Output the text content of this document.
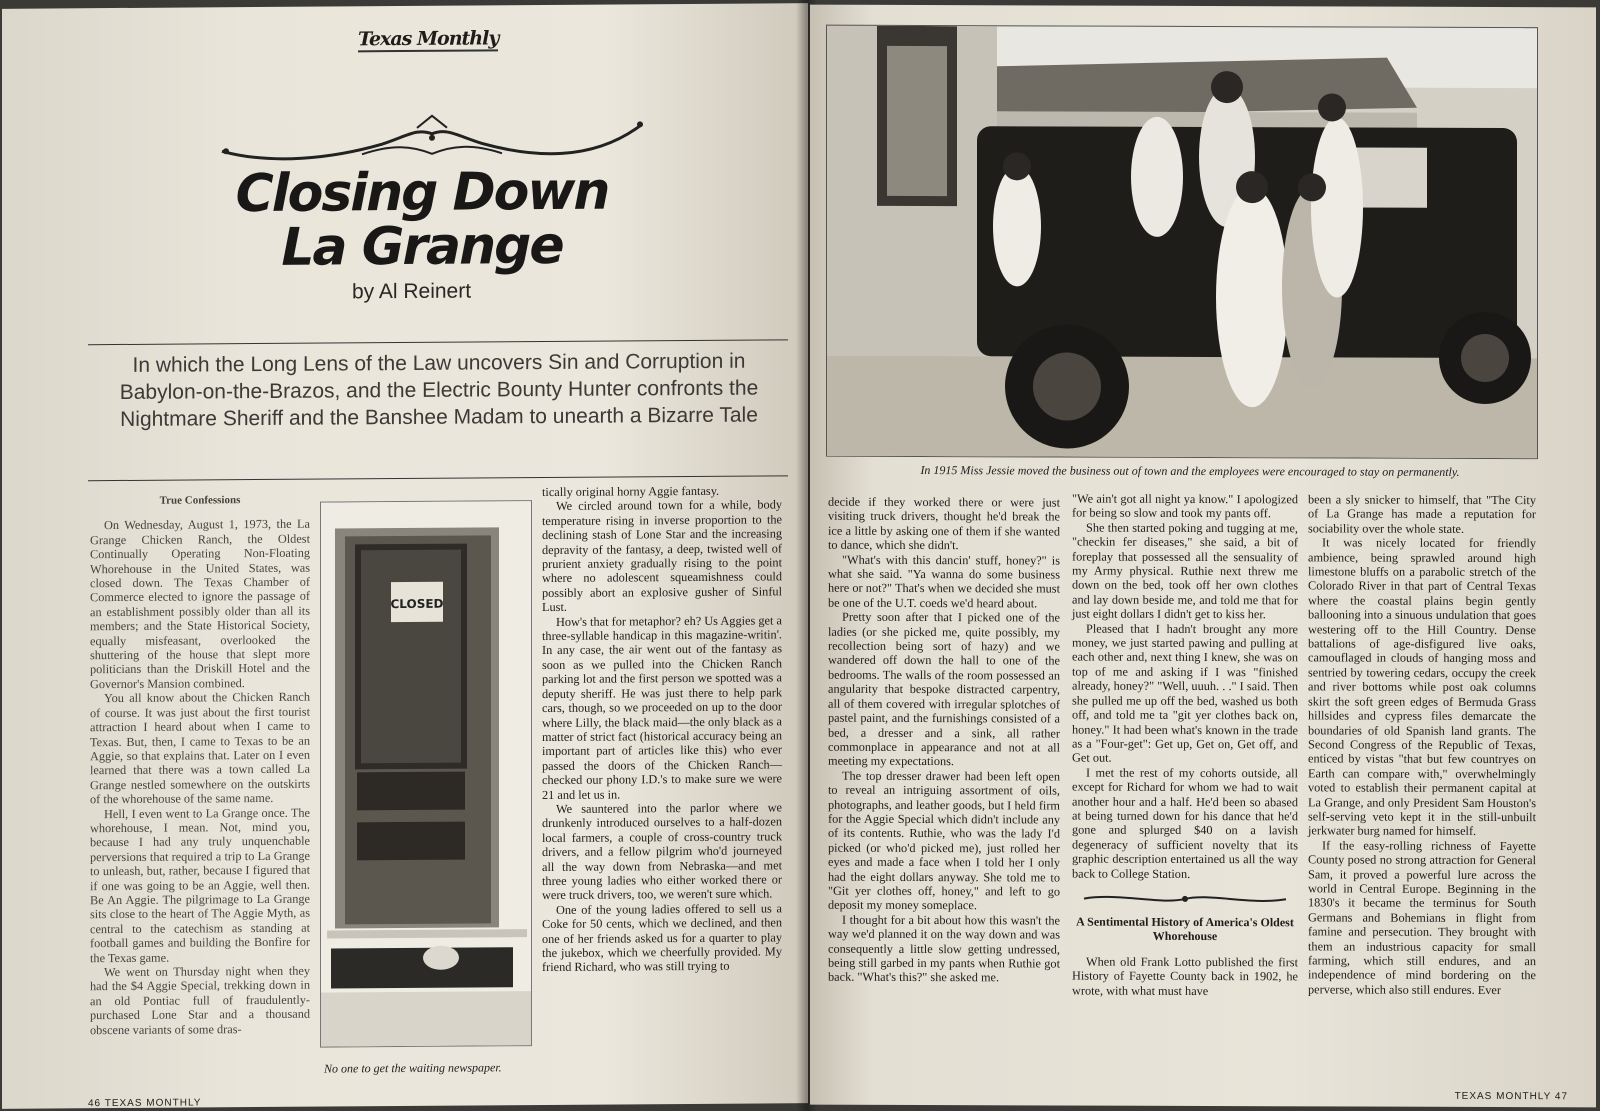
Texas Monthly
Closing Down
La Grange
by Al Reinert
In which the Long Lens of the Law uncovers Sin and Corruption in Babylon-on-the-Brazos, and the Electric Bounty Hunter confronts the Nightmare Sheriff and the Banshee Madam to unearth a Bizarre Tale
True Confessions

On Wednesday, August 1, 1973, the La Grange Chicken Ranch, the Oldest Continually Operating Non-Floating Whorehouse in the United States, was closed down. The Texas Chamber of Commerce elected to ignore the passage of an establishment possibly older than all its members; and the State Historical Society, equally misfeasant, overlooked the shuttering of the house that slept more politicians than the Driskill Hotel and the Governor's Mansion combined.

You all know about the Chicken Ranch of course. It was just about the first tourist attraction I heard about when I came to Texas. But, then, I came to Texas to be an Aggie, so that explains that. Later on I even learned that there was a town called La Grange nestled somewhere on the outskirts of the whorehouse of the same name.

Hell, I even went to La Grange once. The whorehouse, I mean. Not, mind you, because I had any truly unquenchable perversions that required a trip to La Grange to unleash, but, rather, because I figured that if one was going to be an Aggie, well then. Be An Aggie. The pilgrimage to La Grange sits close to the heart of The Aggie Myth, as central to the catechism as standing at football games and building the Bonfire for the Texas game.

We went on Thursday night when they had the $4 Aggie Special, trekking down in an old Pontiac full of fraudulently-purchased Lone Star and a thousand obscene variants of some dras-

CLOSED
No one to get the waiting newspaper.

tically original horny Aggie fantasy.

We circled around town for a while, body temperature rising in inverse proportion to the declining stash of Lone Star and the increasing depravity of the fantasy, a deep, twisted well of prurient anxiety gradually rising to the point where no adolescent squeamishness could possibly abort an explosive gusher of Sinful Lust.

How's that for metaphor? eh? Us Aggies get a three-syllable handicap in this magazine-writin'. In any case, the air went out of the fantasy as soon as we pulled into the Chicken Ranch parking lot and the first person we spotted was a deputy sheriff. He was just there to help park cars, though, so we proceeded on up to the door where Lilly, the black maid—the only black as a matter of strict fact (historical accuracy being an important part of articles like this) who ever passed the doors of the Chicken Ranch—checked our phony I.D.'s to make sure we were 21 and let us in.

We sauntered into the parlor where we drunkenly introduced ourselves to a half-dozen local farmers, a couple of cross-country truck drivers, and a fellow pilgrim who'd journeyed all the way down from Nebraska—and met three young ladies who either worked there or were truck drivers, too, we weren't sure which.

One of the young ladies offered to sell us a Coke for 50 cents, which we declined, and then one of her friends asked us for a quarter to play the jukebox, which we cheerfully provided. My friend Richard, who was still trying to

46 TEXAS MONTHLY
In 1915 Miss Jessie moved the business out of town and the employees were encouraged to stay on permanently.

decide if they worked there or were just visiting truck drivers, thought he'd break the ice a little by asking one of them if she wanted to dance, which she didn't.

"What's with this dancin' stuff, honey?" is what she said. "Ya wanna do some business here or not?" That's when we decided she must be one of the U.T. coeds we'd heard about.

Pretty soon after that I picked one of the ladies (or she picked me, quite possibly, my recollection being sort of hazy) and we wandered off down the hall to one of the bedrooms. The walls of the room possessed an angularity that bespoke distracted carpentry, all of them covered with irregular splotches of pastel paint, and the furnishings consisted of a bed, a dresser and a sink, all rather commonplace in appearance and not at all meeting my expectations.

The top dresser drawer had been left open to reveal an intriguing assortment of oils, photographs, and leather goods, but I held firm for the Aggie Special which didn't include any of its contents. Ruthie, who was the lady I'd picked (or who'd picked me), just rolled her eyes and made a face when I told her I only had the eight dollars anyway. She told me to "Git yer clothes off, honey," and left to go deposit my money someplace.

I thought for a bit about how this wasn't the way we'd planned it on the way down and was consequently a little slow getting undressed, being still garbed in my pants when Ruthie got back. "What's this?" she asked me.

"We ain't got all night ya know." I apologized for being so slow and took my pants off.

She then started poking and tugging at me, "checkin fer diseases," she said, a bit of foreplay that possessed all the sensuality of my Army physical. Ruthie next threw me down on the bed, took off her own clothes and lay down beside me, and told me that for just eight dollars I didn't get to kiss her.

Pleased that I hadn't brought any more money, we just started pawing and pulling at each other and, next thing I knew, she was on top of me and asking if I was "finished already, honey?" "Well, uuuh. . ." I said. Then she pulled me up off the bed, washed us both off, and told me ta "git yer clothes back on, honey." It had been what's known in the trade as a "Four-get": Get up, Get on, Get off, and Get out.

I met the rest of my cohorts outside, all except for Richard for whom we had to wait another hour and a half. He'd been so abased at being turned down for his dance that he'd gone and splurged $40 on a lavish degeneracy of sufficient novelty that its graphic description entertained us all the way back to College Station.

A Sentimental History of America's Oldest Whorehouse

When old Frank Lotto published the first History of Fayette County back in 1902, he wrote, with what must have

been a sly snicker to himself, that "The City of La Grange has made a reputation for sociability over the whole state.

It was nicely located for friendly ambience, being sprawled around high limestone bluffs on a parabolic stretch of the Colorado River in that part of Central Texas where the coastal plains begin gently ballooning into a sinuous undulation that goes westering off to the Hill Country. Dense battalions of age-disfigured live oaks, camouflaged in clouds of hanging moss and sentried by towering cedars, occupy the creek and river bottoms while post oak columns skirt the soft green edges of Bermuda Grass hillsides and cypress files demarcate the boundaries of old Spanish land grants. The Second Congress of the Republic of Texas, enticed by vistas "that but few countryes on Earth can compare with," overwhelmingly voted to establish their permanent capital at La Grange, and only President Sam Houston's self-serving veto kept it in the still-unbuilt jerkwater burg named for himself.

If the easy-rolling richness of Fayette County posed no strong attraction for General Sam, it proved a powerful lure across the world in Central Europe. Beginning in the 1830's it became the terminus for South Germans and Bohemians in flight from famine and persecution. They brought with them an industrious capacity for small farming, which still endures, and an independence of mind bordering on the perverse, which also still endures. Ever

TEXAS MONTHLY 47
